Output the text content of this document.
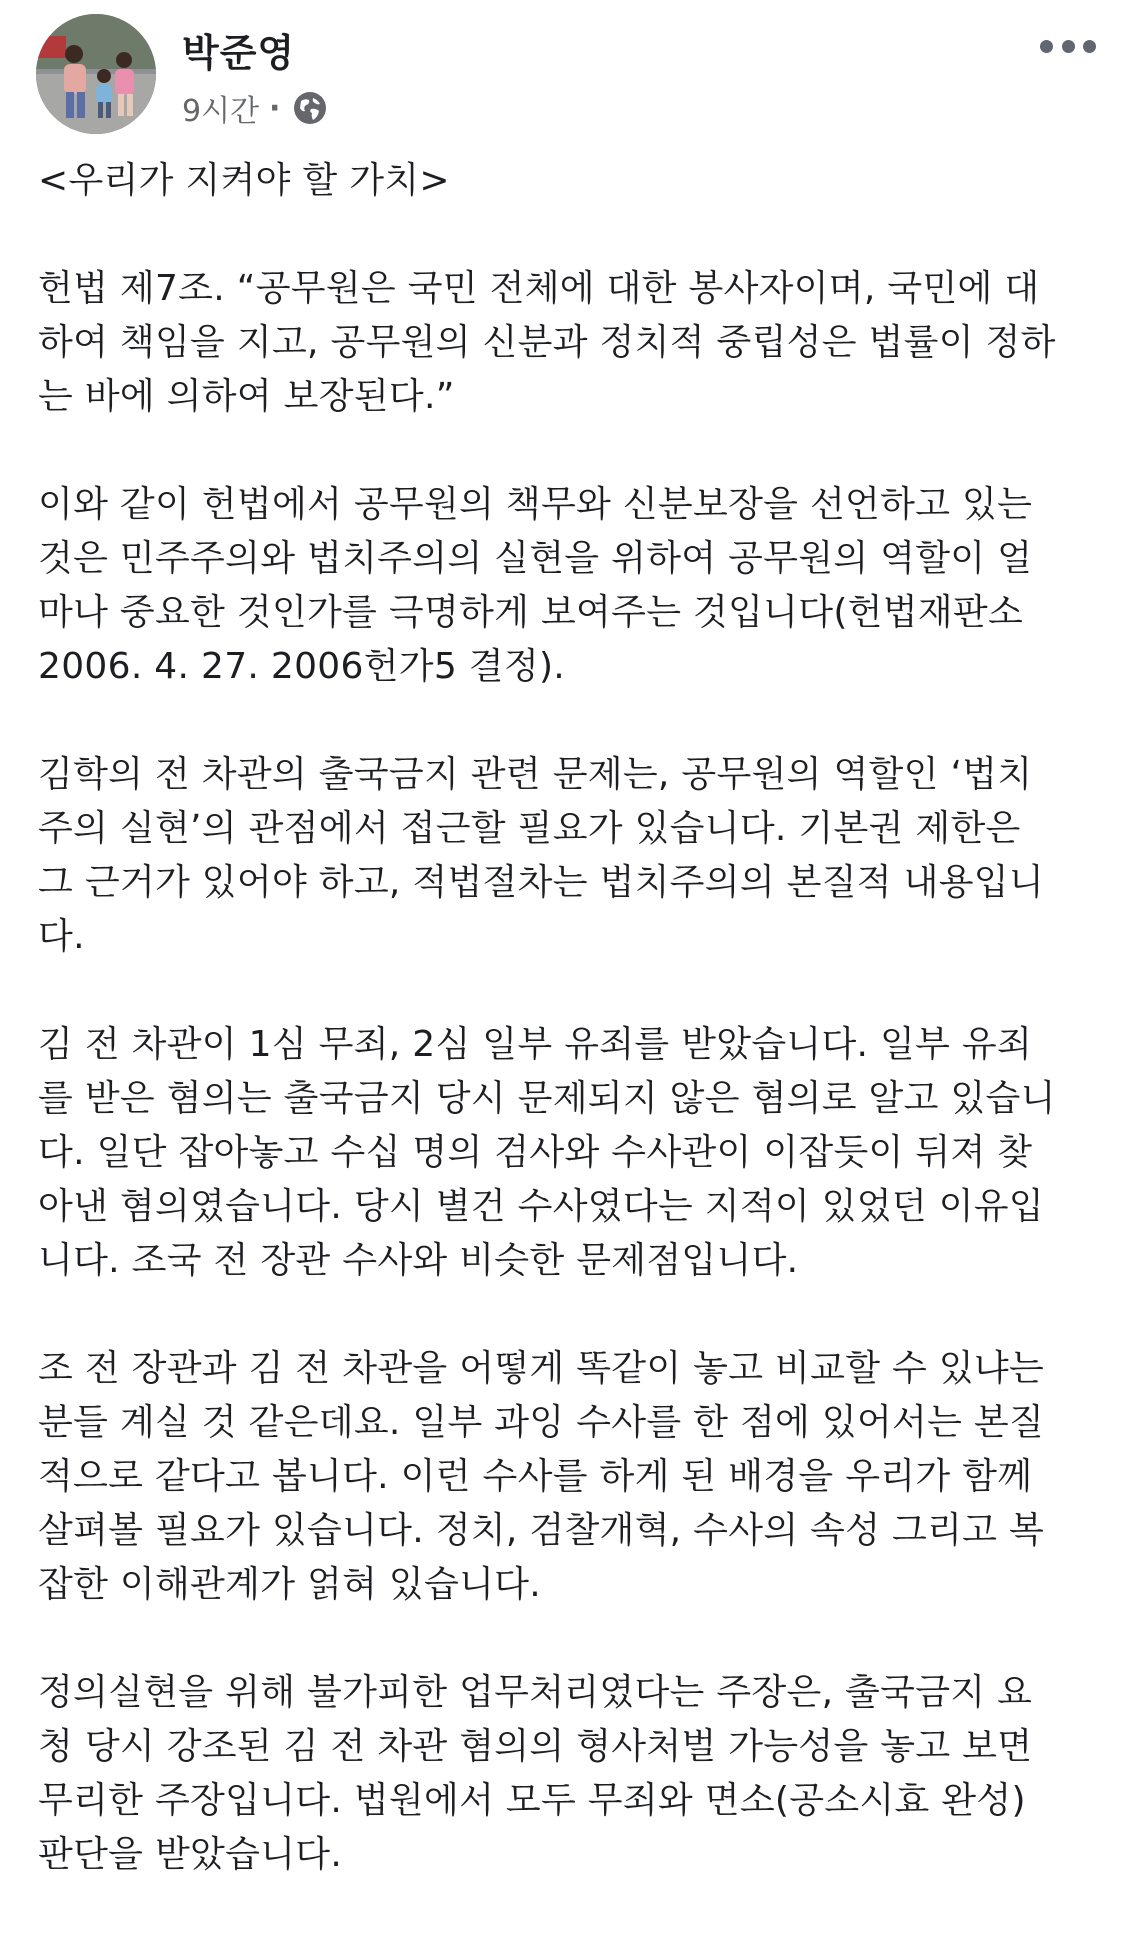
박준영
9시간 ·

<우리가 지켜야 할 가치>

헌법 제7조. “공무원은 국민 전체에 대한 봉사자이며, 국민에 대
하여 책임을 지고, 공무원의 신분과 정치적 중립성은 법률이 정하
는 바에 의하여 보장된다.”

이와 같이 헌법에서 공무원의 책무와 신분보장을 선언하고 있는
것은 민주주의와 법치주의의 실현을 위하여 공무원의 역할이 얼
마나 중요한 것인가를 극명하게 보여주는 것입니다(헌법재판소
2006. 4. 27. 2006헌가5 결정).

김학의 전 차관의 출국금지 관련 문제는, 공무원의 역할인 ‘법치
주의 실현’의 관점에서 접근할 필요가 있습니다. 기본권 제한은
그 근거가 있어야 하고, 적법절차는 법치주의의 본질적 내용입니
다.

김 전 차관이 1심 무죄, 2심 일부 유죄를 받았습니다. 일부 유죄
를 받은 혐의는 출국금지 당시 문제되지 않은 혐의로 알고 있습니
다. 일단 잡아놓고 수십 명의 검사와 수사관이 이잡듯이 뒤져 찾
아낸 혐의였습니다. 당시 별건 수사였다는 지적이 있었던 이유입
니다. 조국 전 장관 수사와 비슷한 문제점입니다.

조 전 장관과 김 전 차관을 어떻게 똑같이 놓고 비교할 수 있냐는
분들 계실 것 같은데요. 일부 과잉 수사를 한 점에 있어서는 본질
적으로 같다고 봅니다. 이런 수사를 하게 된 배경을 우리가 함께
살펴볼 필요가 있습니다. 정치, 검찰개혁, 수사의 속성 그리고 복
잡한 이해관계가 얽혀 있습니다.

정의실현을 위해 불가피한 업무처리였다는 주장은, 출국금지 요
청 당시 강조된 김 전 차관 혐의의 형사처벌 가능성을 놓고 보면
무리한 주장입니다. 법원에서 모두 무죄와 면소(공소시효 완성)
판단을 받았습니다.
